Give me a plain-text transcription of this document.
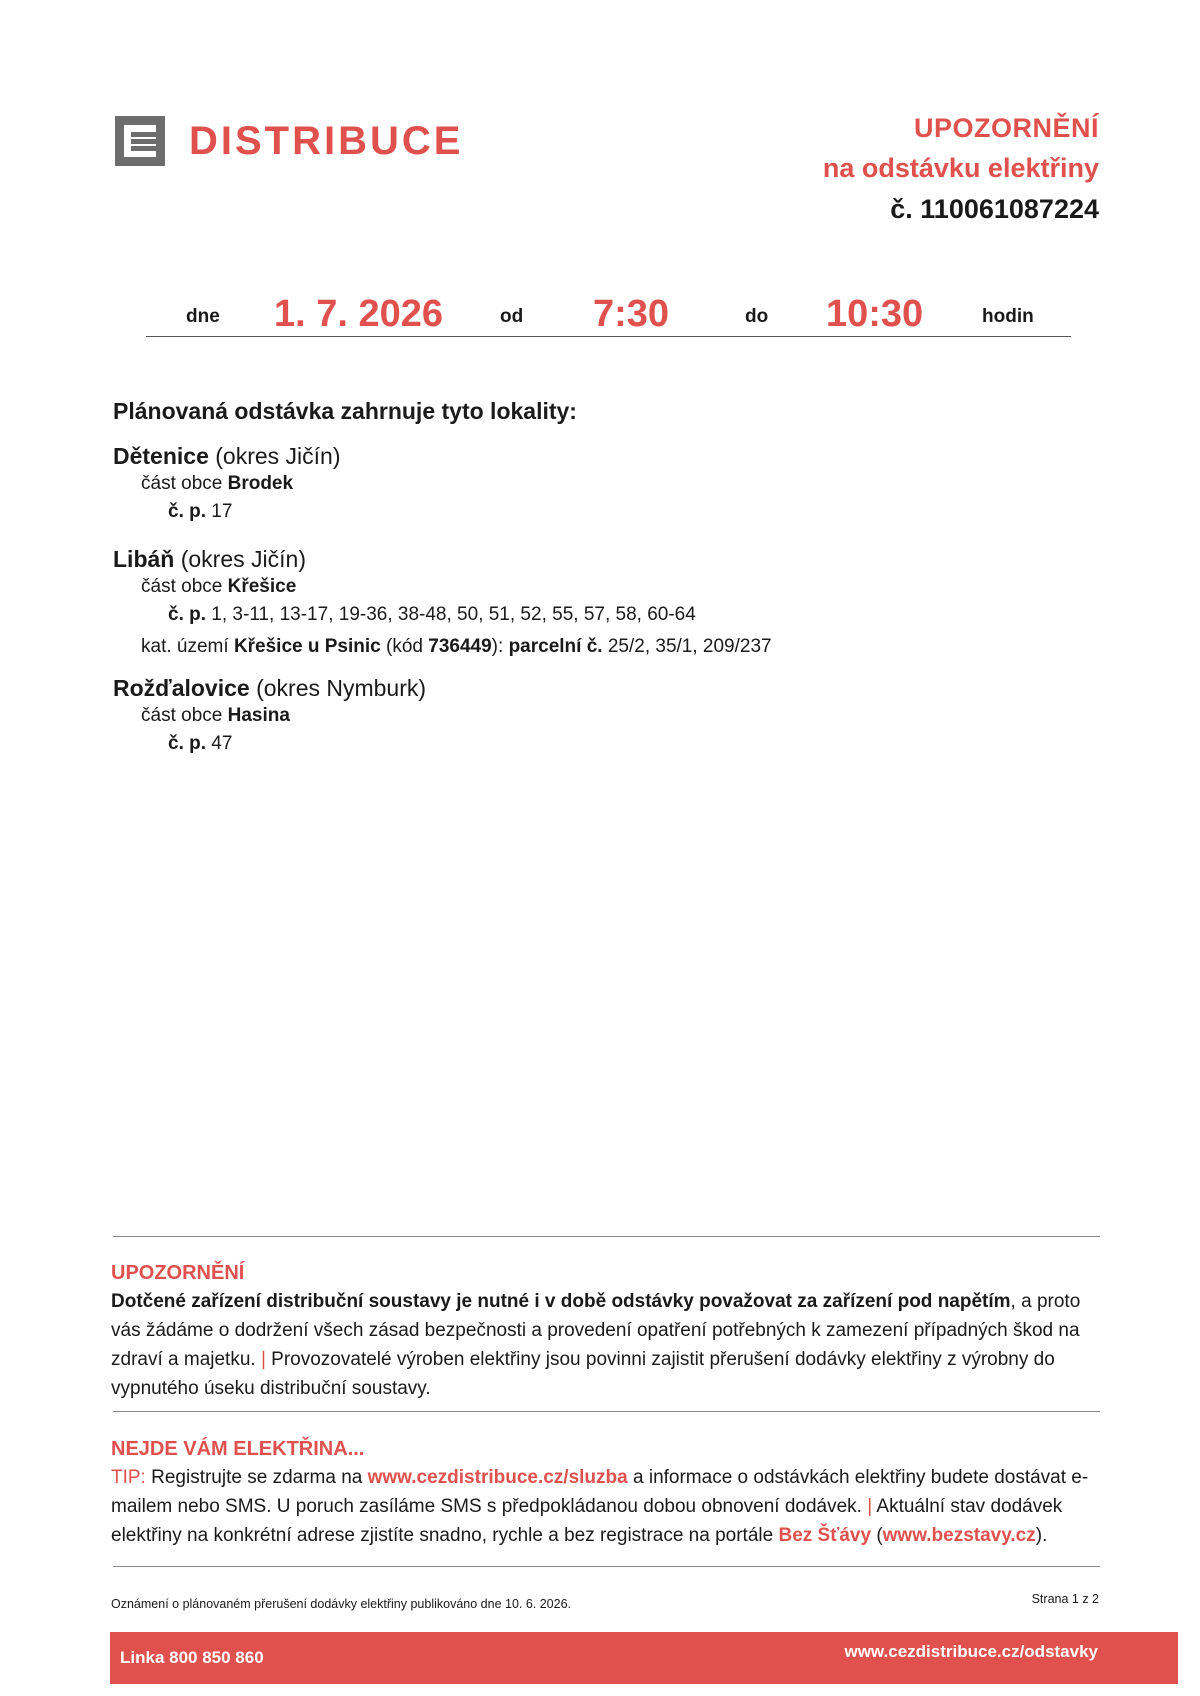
DISTRIBUCE	UPOZORNĚNÍ
na odstávku elektřiny
č. 110061087224
dne 1. 7. 2026	od 7:30	do 10:30	hodin
Plánovaná odstávka zahrnuje tyto lokality:
Dětenice (okres Jičín)
část obce Brodek
č. p. 17
Libáň (okres Jičín)
část obce Křešice
č. p. 1, 3-11, 13-17, 19-36, 38-48, 50, 51, 52, 55, 57, 58, 60-64
kat. území Křešice u Psinic (kód 736449): parcelní č. 25/2, 35/1, 209/237
Rožďalovice (okres Nymburk)
část obce Hasina
č. p. 47
UPOZORNĚNÍ
Dotčené zařízení distribuční soustavy je nutné i v době odstávky považovat za zařízení pod napětím, a proto vás žádáme o dodržení všech zásad bezpečnosti a provedení opatření potřebných k zamezení případných škod na zdraví a majetku. | Provozovatelé výroben elektřiny jsou povinni zajistit přerušení dodávky elektřiny z výrobny do vypnutého úseku distribuční soustavy.
NEJDE VÁM ELEKTŘINA...
TIP: Registrujte se zdarma na www.cezdistribuce.cz/sluzba a informace o odstávkách elektřiny budete dostávat e-mailem nebo SMS. U poruch zasíláme SMS s předpokládanou dobou obnovení dodávek. | Aktuální stav dodávek elektřiny na konkrétní adrese zjistíte snadno, rychle a bez registrace na portále Bez Šťávy (www.bezstavy.cz).
Oznámení o plánovaném přerušení dodávky elektřiny publikováno dne 10. 6. 2026.	Strana 1 z 2
Linka 800 850 860	www.cezdistribuce.cz/odstavky
